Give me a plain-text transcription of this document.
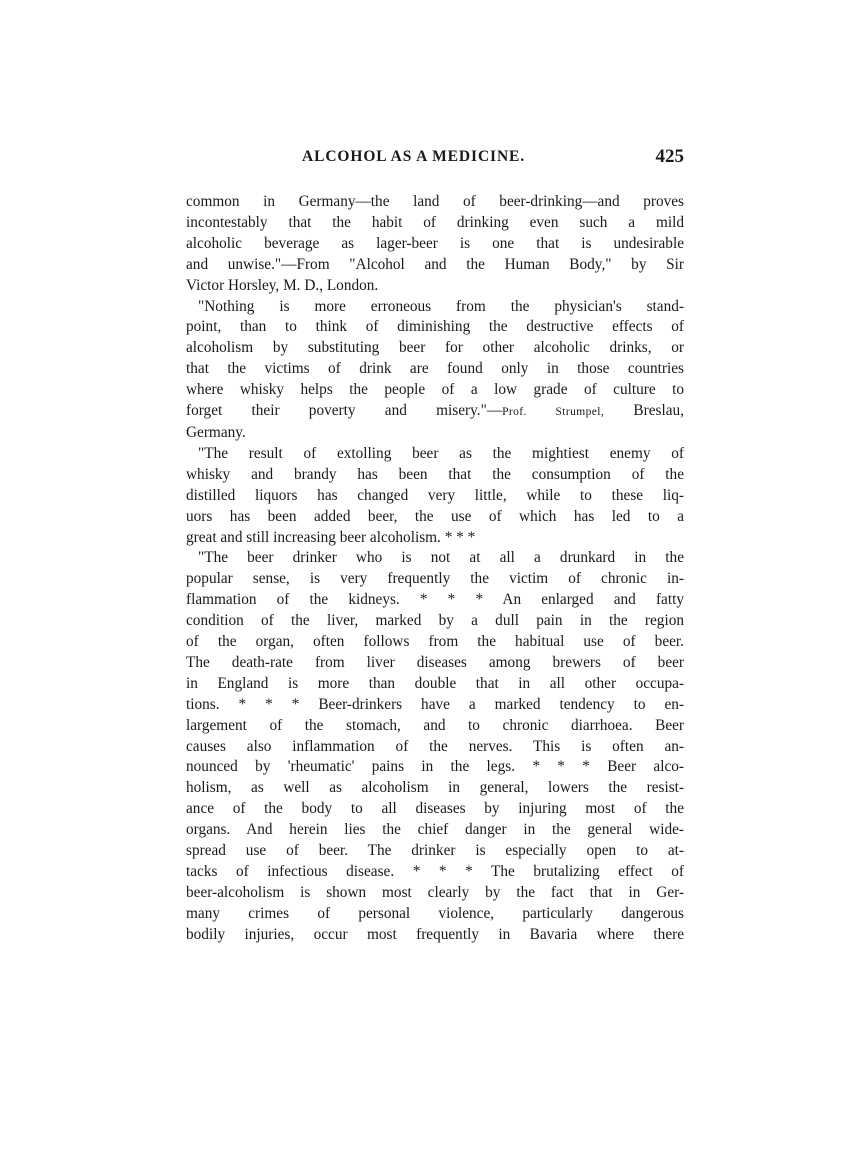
ALCOHOL AS A MEDICINE.	425
common in Germany—the land of beer-drinking—and proves
incontestably that the habit of drinking even such a mild
alcoholic beverage as lager-beer is one that is undesirable
and unwise."—From "Alcohol and the Human Body," by Sir
Victor Horsley, M. D., London.
"Nothing is more erroneous from the physician's stand-
point, than to think of diminishing the destructive effects of
alcoholism by substituting beer for other alcoholic drinks, or
that the victims of drink are found only in those countries
where whisky helps the people of a low grade of culture to
forget their poverty and misery."—Prof. Strumpel, Breslau,
Germany.
"The result of extolling beer as the mightiest enemy of
whisky and brandy has been that the consumption of the
distilled liquors has changed very little, while to these liq-
uors has been added beer, the use of which has led to a
great and still increasing beer alcoholism. * * *
"The beer drinker who is not at all a drunkard in the
popular sense, is very frequently the victim of chronic in-
flammation of the kidneys. * * * An enlarged and fatty
condition of the liver, marked by a dull pain in the region
of the organ, often follows from the habitual use of beer.
The death-rate from liver diseases among brewers of beer
in England is more than double that in all other occupa-
tions. * * * Beer-drinkers have a marked tendency to en-
largement of the stomach, and to chronic diarrhoea. Beer
causes also inflammation of the nerves. This is often an-
nounced by 'rheumatic' pains in the legs. * * * Beer alco-
holism, as well as alcoholism in general, lowers the resist-
ance of the body to all diseases by injuring most of the
organs. And herein lies the chief danger in the general wide-
spread use of beer. The drinker is especially open to at-
tacks of infectious disease. * * * The brutalizing effect of
beer-alcoholism is shown most clearly by the fact that in Ger-
many crimes of personal violence, particularly dangerous
bodily injuries, occur most frequently in Bavaria where there
